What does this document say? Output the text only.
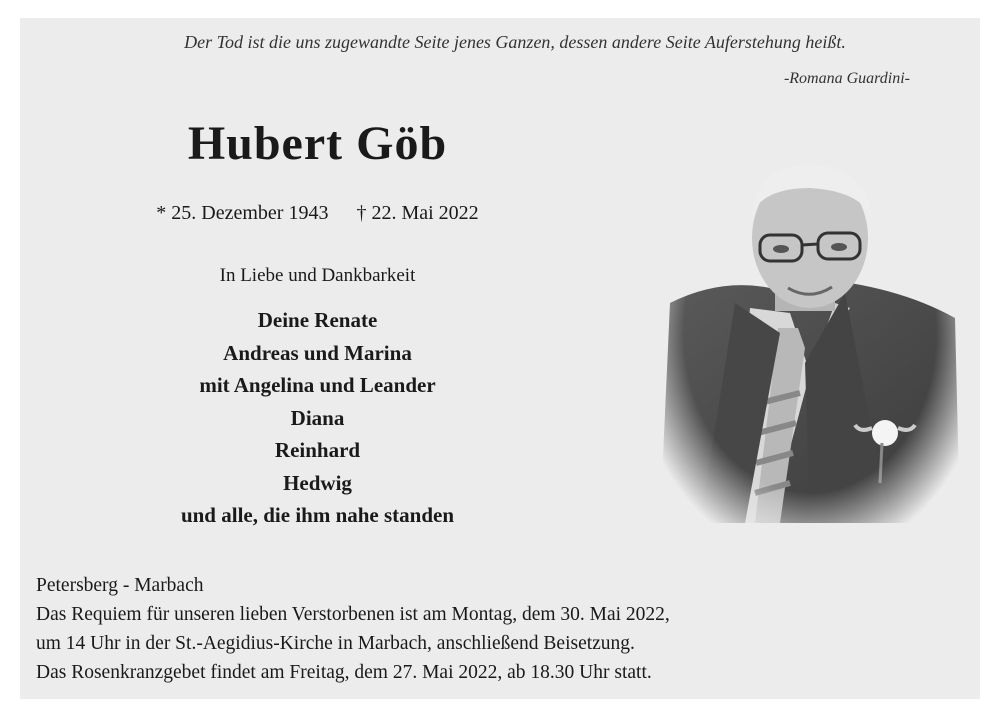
Der Tod ist die uns zugewandte Seite jenes Ganzen, dessen andere Seite Auferstehung heißt.
-Romana Guardini-
Hubert Göb
* 25. Dezember 1943 † 22. Mai 2022
In Liebe und Dankbarkeit
Deine Renate
Andreas und Marina
mit Angelina und Leander
Diana
Reinhard
Hedwig
und alle, die ihm nahe standen
Petersberg - Marbach
Das Requiem für unseren lieben Verstorbenen ist am Montag, dem 30. Mai 2022,
um 14 Uhr in der St.-Aegidius-Kirche in Marbach, anschließend Beisetzung.
Das Rosenkranzgebet findet am Freitag, dem 27. Mai 2022, ab 18.30 Uhr statt.
